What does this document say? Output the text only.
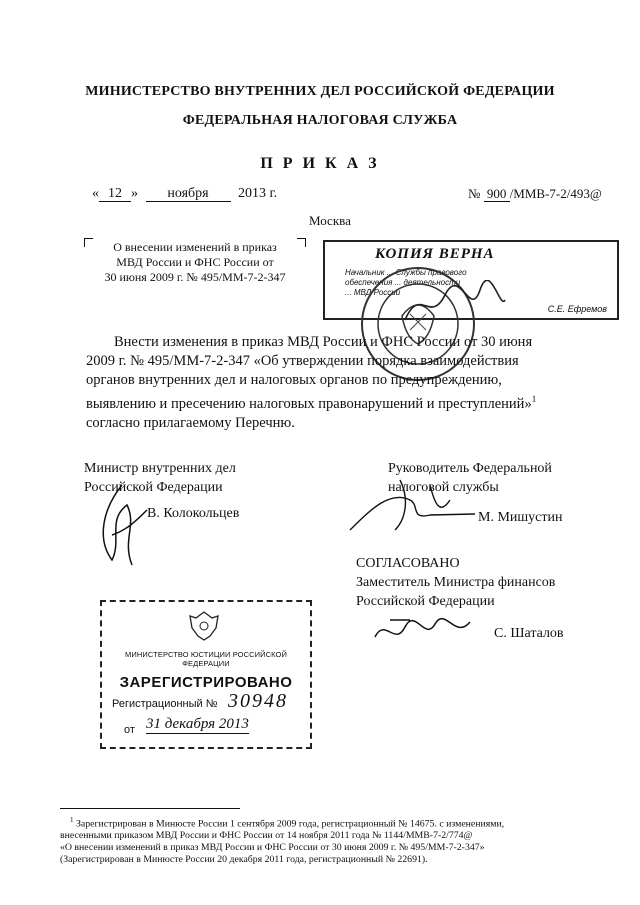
МИНИСТЕРСТВО ВНУТРЕННИХ ДЕЛ РОССИЙСКОЙ ФЕДЕРАЦИИ
ФЕДЕРАЛЬНАЯ НАЛОГОВАЯ СЛУЖБА
П Р И К А З
« 12 » ноября 2013 г.	№ 900 /ММВ-7-2/493@
Москва
О внесении изменений в приказ
МВД России и ФНС России от
30 июня 2009 г. № 495/ММ-7-2-347
КОПИЯ ВЕРНА
Начальник ... Службы правового
обеспечения ... деятельности
... МВД России
С.Е. Ефремов
Внести изменения в приказ МВД России и ФНС России от 30 июня
2009 г. № 495/ММ-7-2-347 «Об утверждении порядка взаимодействия
органов внутренних дел и налоговых органов по предупреждению,
выявлению и пресечению налоговых правонарушений и преступлений»$^1$
согласно прилагаемому Перечню.
Министр внутренних дел
Российской Федерации
В. Колокольцев
Руководитель Федеральной
налоговой службы
М. Мишустин
СОГЛАСОВАНО
Заместитель Министра финансов
Российской Федерации
С. Шаталов
МИНИСТЕРСТВО ЮСТИЦИИ РОССИЙСКОЙ ФЕДЕРАЦИИ
ЗАРЕГИСТРИРОВАНО
Регистрационный № 30948
от 31 декабря 2013
$^1$ Зарегистрирован в Минюсте России 1 сентября 2009 года, регистрационный № 14675. с изменениями,
внесенными приказом МВД России и ФНС России от 14 ноября 2011 года № 1144/ММВ-7-2/774@
«О внесении изменений в приказ МВД России и ФНС России от 30 июня 2009 г. № 495/ММ-7-2-347»
(Зарегистрирован в Минюсте России 20 декабря 2011 года, регистрационный № 22691).
